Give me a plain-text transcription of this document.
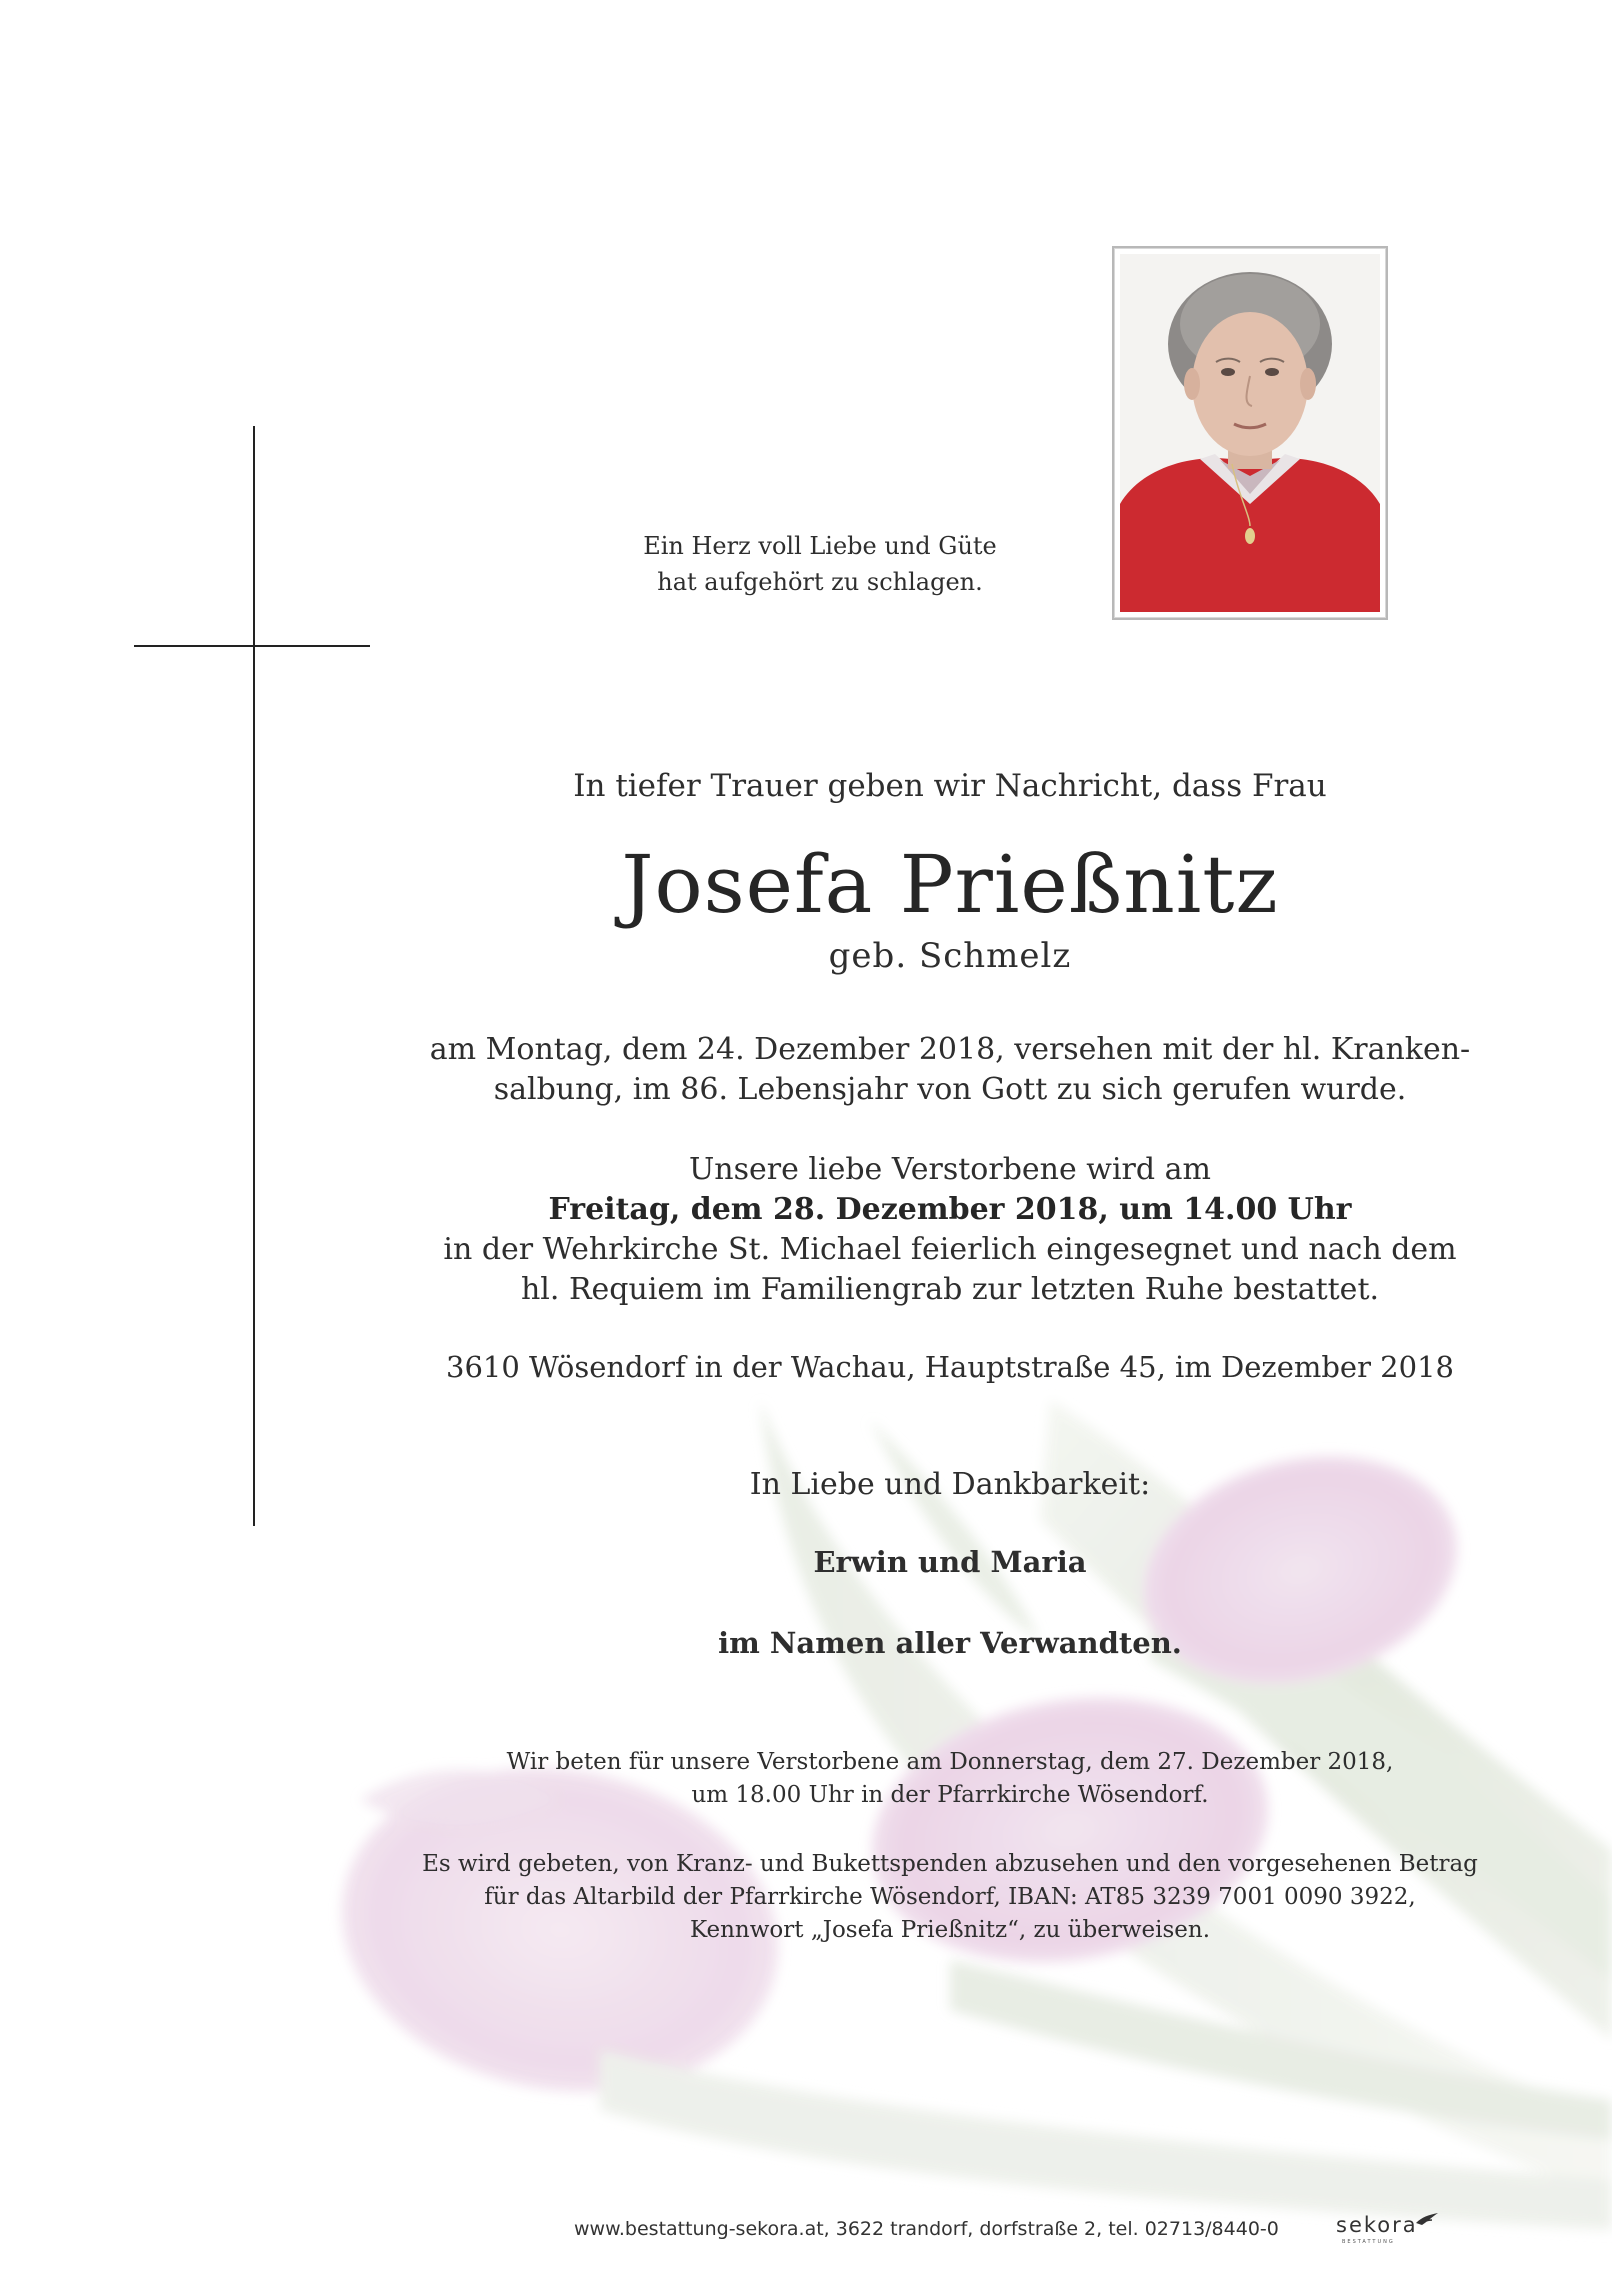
Ein Herz voll Liebe und Güte
hat aufgehört zu schlagen.
In tiefer Trauer geben wir Nachricht, dass Frau
Josefa Prießnitz
geb. Schmelz
am Montag, dem 24. Dezember 2018, versehen mit der hl. Kranken-
salbung, im 86. Lebensjahr von Gott zu sich gerufen wurde.
Unsere liebe Verstorbene wird am
Freitag, dem 28. Dezember 2018, um 14.00 Uhr
in der Wehrkirche St. Michael feierlich eingesegnet und nach dem
hl. Requiem im Familiengrab zur letzten Ruhe bestattet.
3610 Wösendorf in der Wachau, Hauptstraße 45, im Dezember 2018
In Liebe und Dankbarkeit:
Erwin und Maria
im Namen aller Verwandten.
Wir beten für unsere Verstorbene am Donnerstag, dem 27. Dezember 2018,
um 18.00 Uhr in der Pfarrkirche Wösendorf.
Es wird gebeten, von Kranz- und Bukettspenden abzusehen und den vorgesehenen Betrag
für das Altarbild der Pfarrkirche Wösendorf, IBAN: AT85 3239 7001 0090 3922,
Kennwort „Josefa Prießnitz“, zu überweisen.
www.bestattung-sekora.at, 3622 trandorf, dorfstraße 2, tel. 02713/8440-0	sekora
BESTATTUNG
